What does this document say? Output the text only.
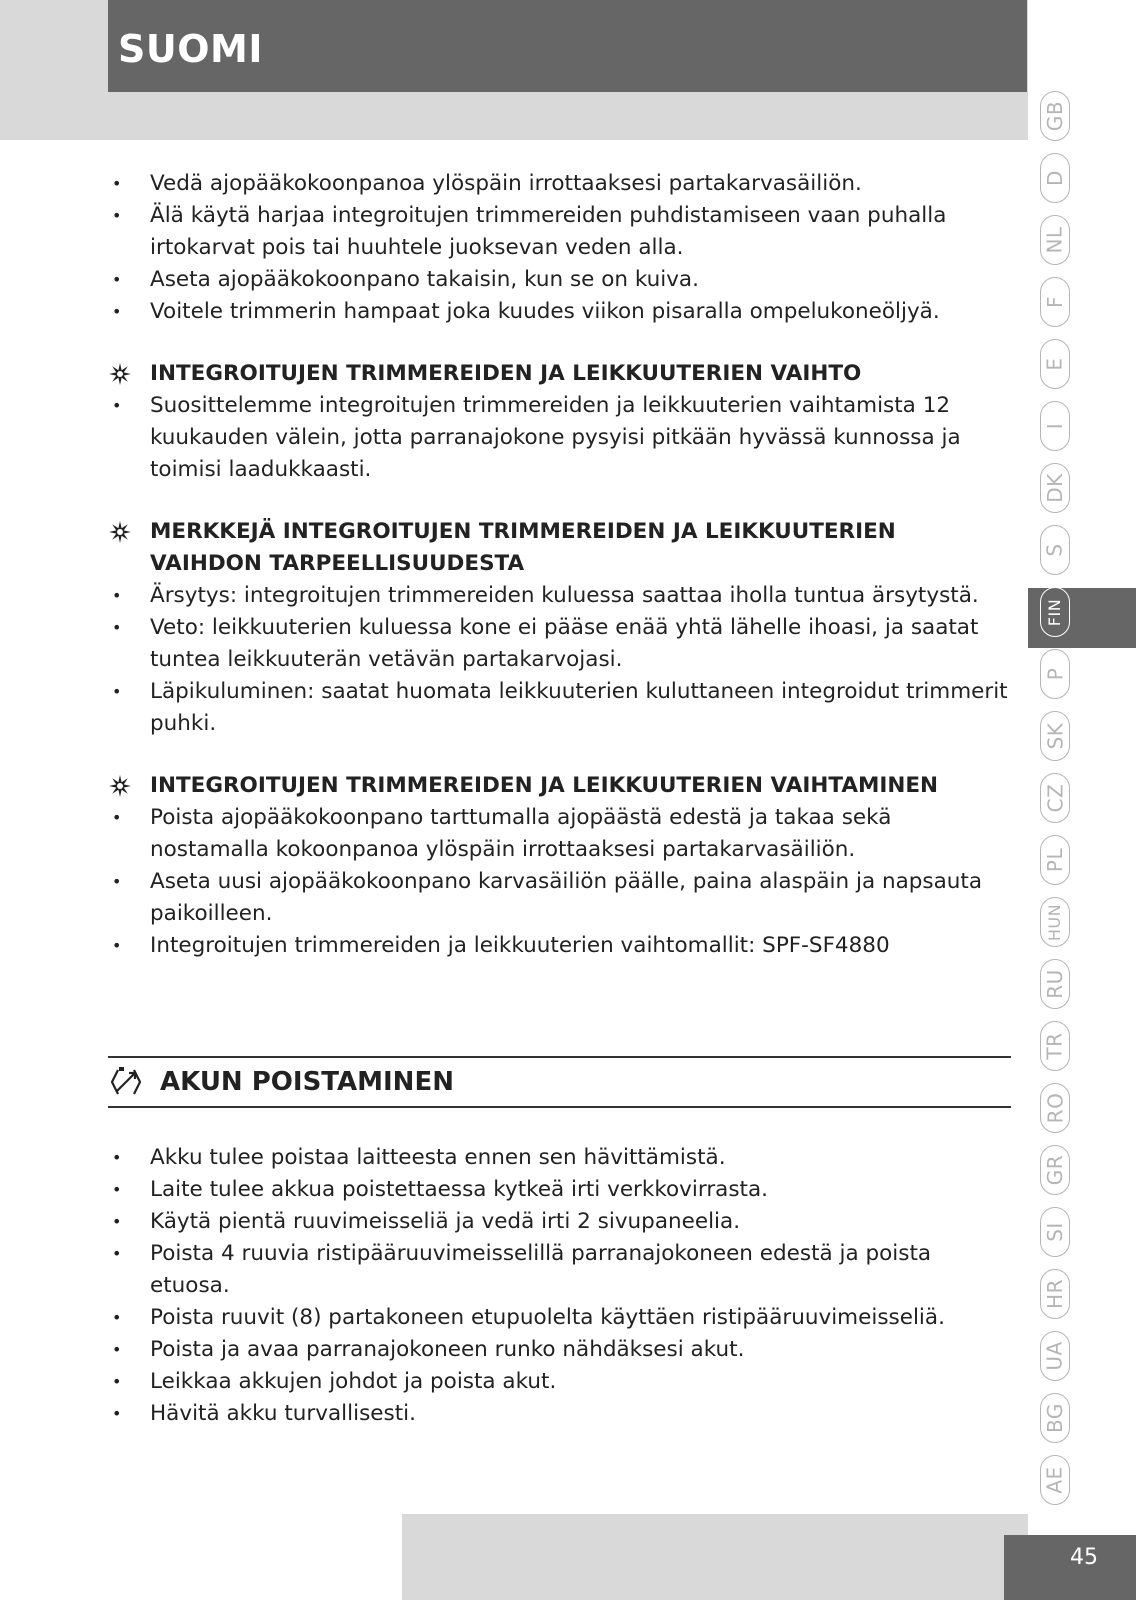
SUOMI
GB
D
NL
F
E
I
DK
S
FIN
P
SK
CZ
PL
HUN
RU
TR
RO
GR
SI
HR
UA
BG
AE
• Vedä ajopääkokoonpanoa ylöspäin irrottaaksesi partakarvasäiliön.
• Älä käytä harjaa integroitujen trimmereiden puhdistamiseen vaan puhalla irtokarvat pois tai huuhtele juoksevan veden alla.
• Aseta ajopääkokoonpano takaisin, kun se on kuiva.
• Voitele trimmerin hampaat joka kuudes viikon pisaralla ompelukoneöljyä.
INTEGROITUJEN TRIMMEREIDEN JA LEIKKUUTERIEN VAIHTO
• Suosittelemme integroitujen trimmereiden ja leikkuuterien vaihtamista 12 kuukauden välein, jotta parranajokone pysyisi pitkään hyvässä kunnossa ja toimisi laadukkaasti.
MERKKEJÄ INTEGROITUJEN TRIMMEREIDEN JA LEIKKUUTERIEN VAIHDON TARPEELLISUUDESTA
• Ärsytys: integroitujen trimmereiden kuluessa saattaa iholla tuntua ärsytystä.
• Veto: leikkuuterien kuluessa kone ei pääse enää yhtä lähelle ihoasi, ja saatat tuntea leikkuuterän vetävän partakarvojasi.
• Läpikuluminen: saatat huomata leikkuuterien kuluttaneen integroidut trimmerit puhki.
INTEGROITUJEN TRIMMEREIDEN JA LEIKKUUTERIEN VAIHTAMINEN
• Poista ajopääkokoonpano tarttumalla ajopäästä edestä ja takaa sekä nostamalla kokoonpanoa ylöspäin irrottaaksesi partakarvasäiliön.
• Aseta uusi ajopääkokoonpano karvasäiliön päälle, paina alaspäin ja napsauta paikoilleen.
• Integroitujen trimmereiden ja leikkuuterien vaihtomallit: SPF-SF4880
AKUN POISTAMINEN
• Akku tulee poistaa laitteesta ennen sen hävittämistä.
• Laite tulee akkua poistettaessa kytkeä irti verkkovirrasta.
• Käytä pientä ruuvimeisseliä ja vedä irti 2 sivupaneelia.
• Poista 4 ruuvia ristipääruuvimeisselillä parranajokoneen edestä ja poista etuosa.
• Poista ruuvit (8) partakoneen etupuolelta käyttäen ristipääruuvimeisseliä.
• Poista ja avaa parranajokoneen runko nähdäksesi akut.
• Leikkaa akkujen johdot ja poista akut.
• Hävitä akku turvallisesti.
45
